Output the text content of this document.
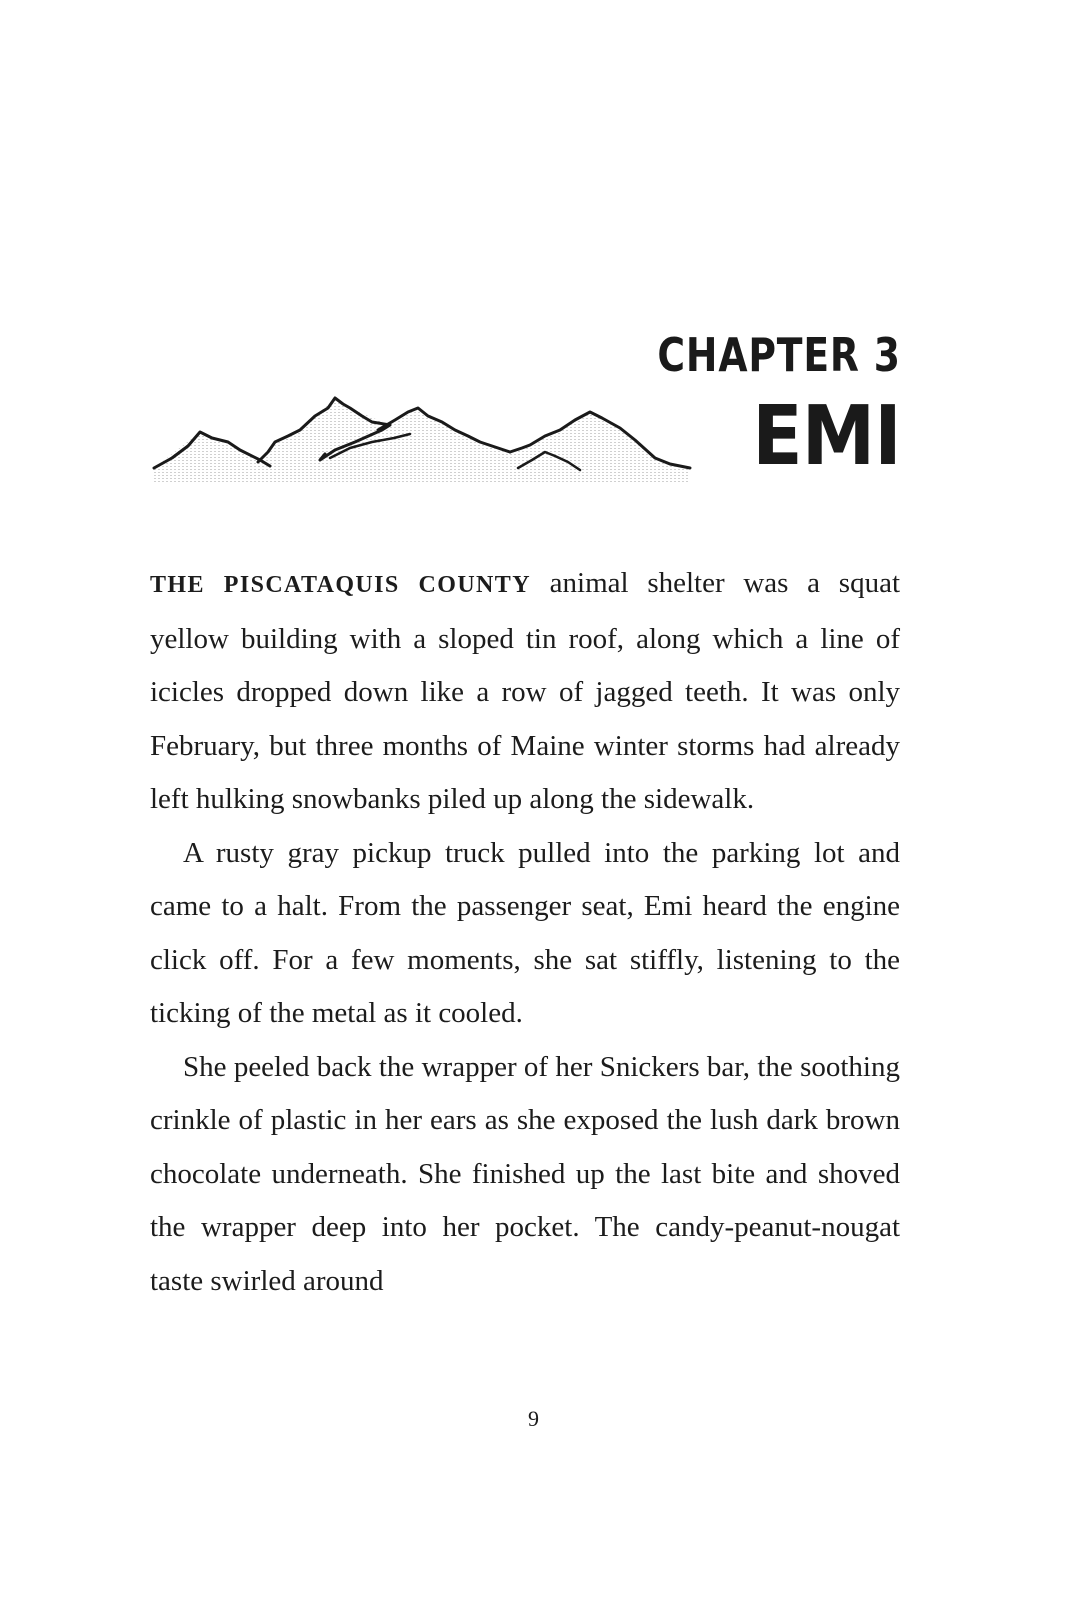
CHAPTER 3
EMI

THE PISCATAQUIS COUNTY animal shelter was a squat yellow building with a sloped tin roof, along which a line of icicles dropped down like a row of jagged teeth. It was only February, but three months of Maine winter storms had already left hulking snowbanks piled up along the sidewalk.

A rusty gray pickup truck pulled into the parking lot and came to a halt. From the passenger seat, Emi heard the engine click off. For a few moments, she sat stiffly, listening to the ticking of the metal as it cooled.

She peeled back the wrapper of her Snickers bar, the soothing crinkle of plastic in her ears as she exposed the lush dark brown chocolate underneath. She finished up the last bite and shoved the wrapper deep into her pocket. The candy-peanut-nougat taste swirled around

9
